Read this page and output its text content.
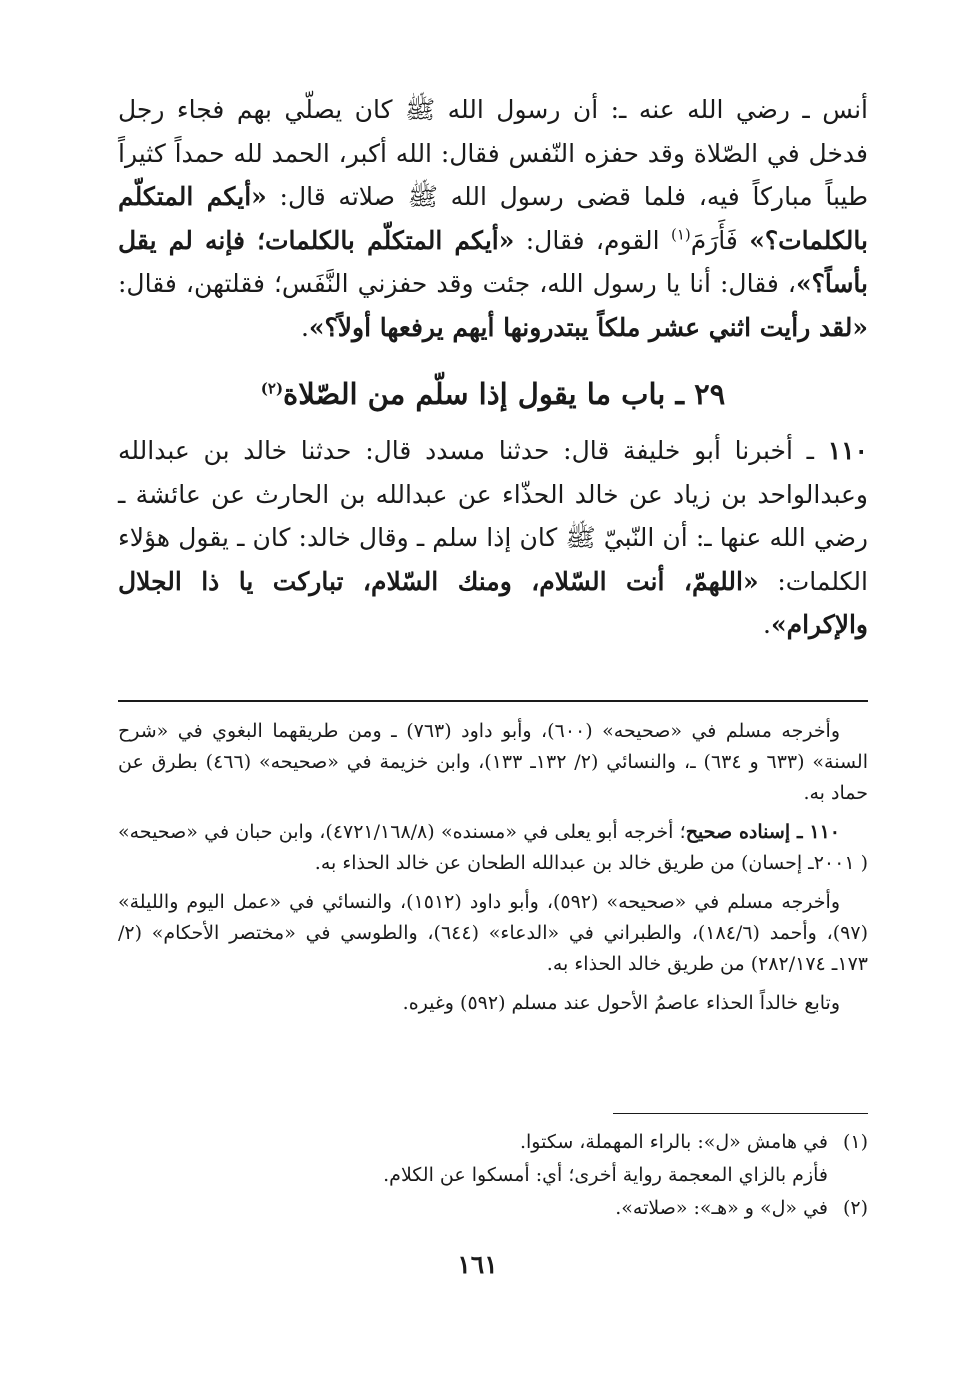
أنس ـ رضي الله عنه ـ: أن رسول الله ﷺ كان يصلّي بهم فجاء رجل فدخل في الصّلاة وقد حفزه النّفس فقال: الله أكبر، الحمد لله حمداً كثيراً طيباً مباركاً فيه، فلما قضى رسول الله ﷺ صلاته قال: «أيكم المتكلّم بالكلمات؟» فَأَرَمَ$^{(١)}$ القوم، فقال: «أيكم المتكلّم بالكلمات؛ فإنه لم يقل بأساً؟»، فقال: أنا يا رسول الله، جئت وقد حفزني النَّفَس؛ فقلتهن، فقال: «لقد رأيت اثني عشر ملكاً يبتدرونها أيهم يرفعها أولاً؟».

٢٩ ـ باب ما يقول إذا سلّم من الصّلاة$^{(٢)}$

١١٠ ـ أخبرنا أبو خليفة قال: حدثنا مسدد قال: حدثنا خالد بن عبدالله وعبدالواحد بن زياد عن خالد الحذّاء عن عبدالله بن الحارث عن عائشة ـ رضي الله عنها ـ: أن النّبيّ ﷺ كان إذا سلم ـ وقال خالد: كان ـ يقول هؤلاء الكلمات: «اللهمّ، أنت السّلام، ومنك السّلام، تباركت يا ذا الجلال والإكرام».

وأخرجه مسلم في «صحيحه» (٦٠٠)، وأبو داود (٧٦٣) ـ ومن طريقهما البغوي في «شرح السنة» (٦٣٣ و ٦٣٤) ـ، والنسائي (٢/ ١٣٢ـ ١٣٣)، وابن خزيمة في «صحيحه» (٤٦٦) بطرق عن حماد به.

١١٠ ـ إسناده صحيح؛ أخرجه أبو يعلى في «مسنده» (٤٧٢١/١٦٨/٨)، وابن حبان في «صحيحه» ( ٢٠٠١ـ إحسان) من طريق خالد بن عبدالله الطحان عن خالد الحذاء به.

وأخرجه مسلم في «صحيحه» (٥٩٢)، وأبو داود (١٥١٢)، والنسائي في «عمل اليوم والليلة» (٩٧)، وأحمد (١٨٤/٦)، والطبراني في «الدعاء» (٦٤٤)، والطوسي في «مختصر الأحكام» (٢/ ١٧٣ـ ٢٨٢/١٧٤) من طريق خالد الحذاء به.

وتابع خالداً الحذاء عاصمُ الأحول عند مسلم (٥٩٢) وغيره.

(١)في هامش «ل»: بالراء المهملة، سكتوا.

فأزم بالزاي المعجمة رواية أخرى؛ أي: أمسكوا عن الكلام.

(٢)في «ل» و «هـ»: «صلاته».

١٦١
